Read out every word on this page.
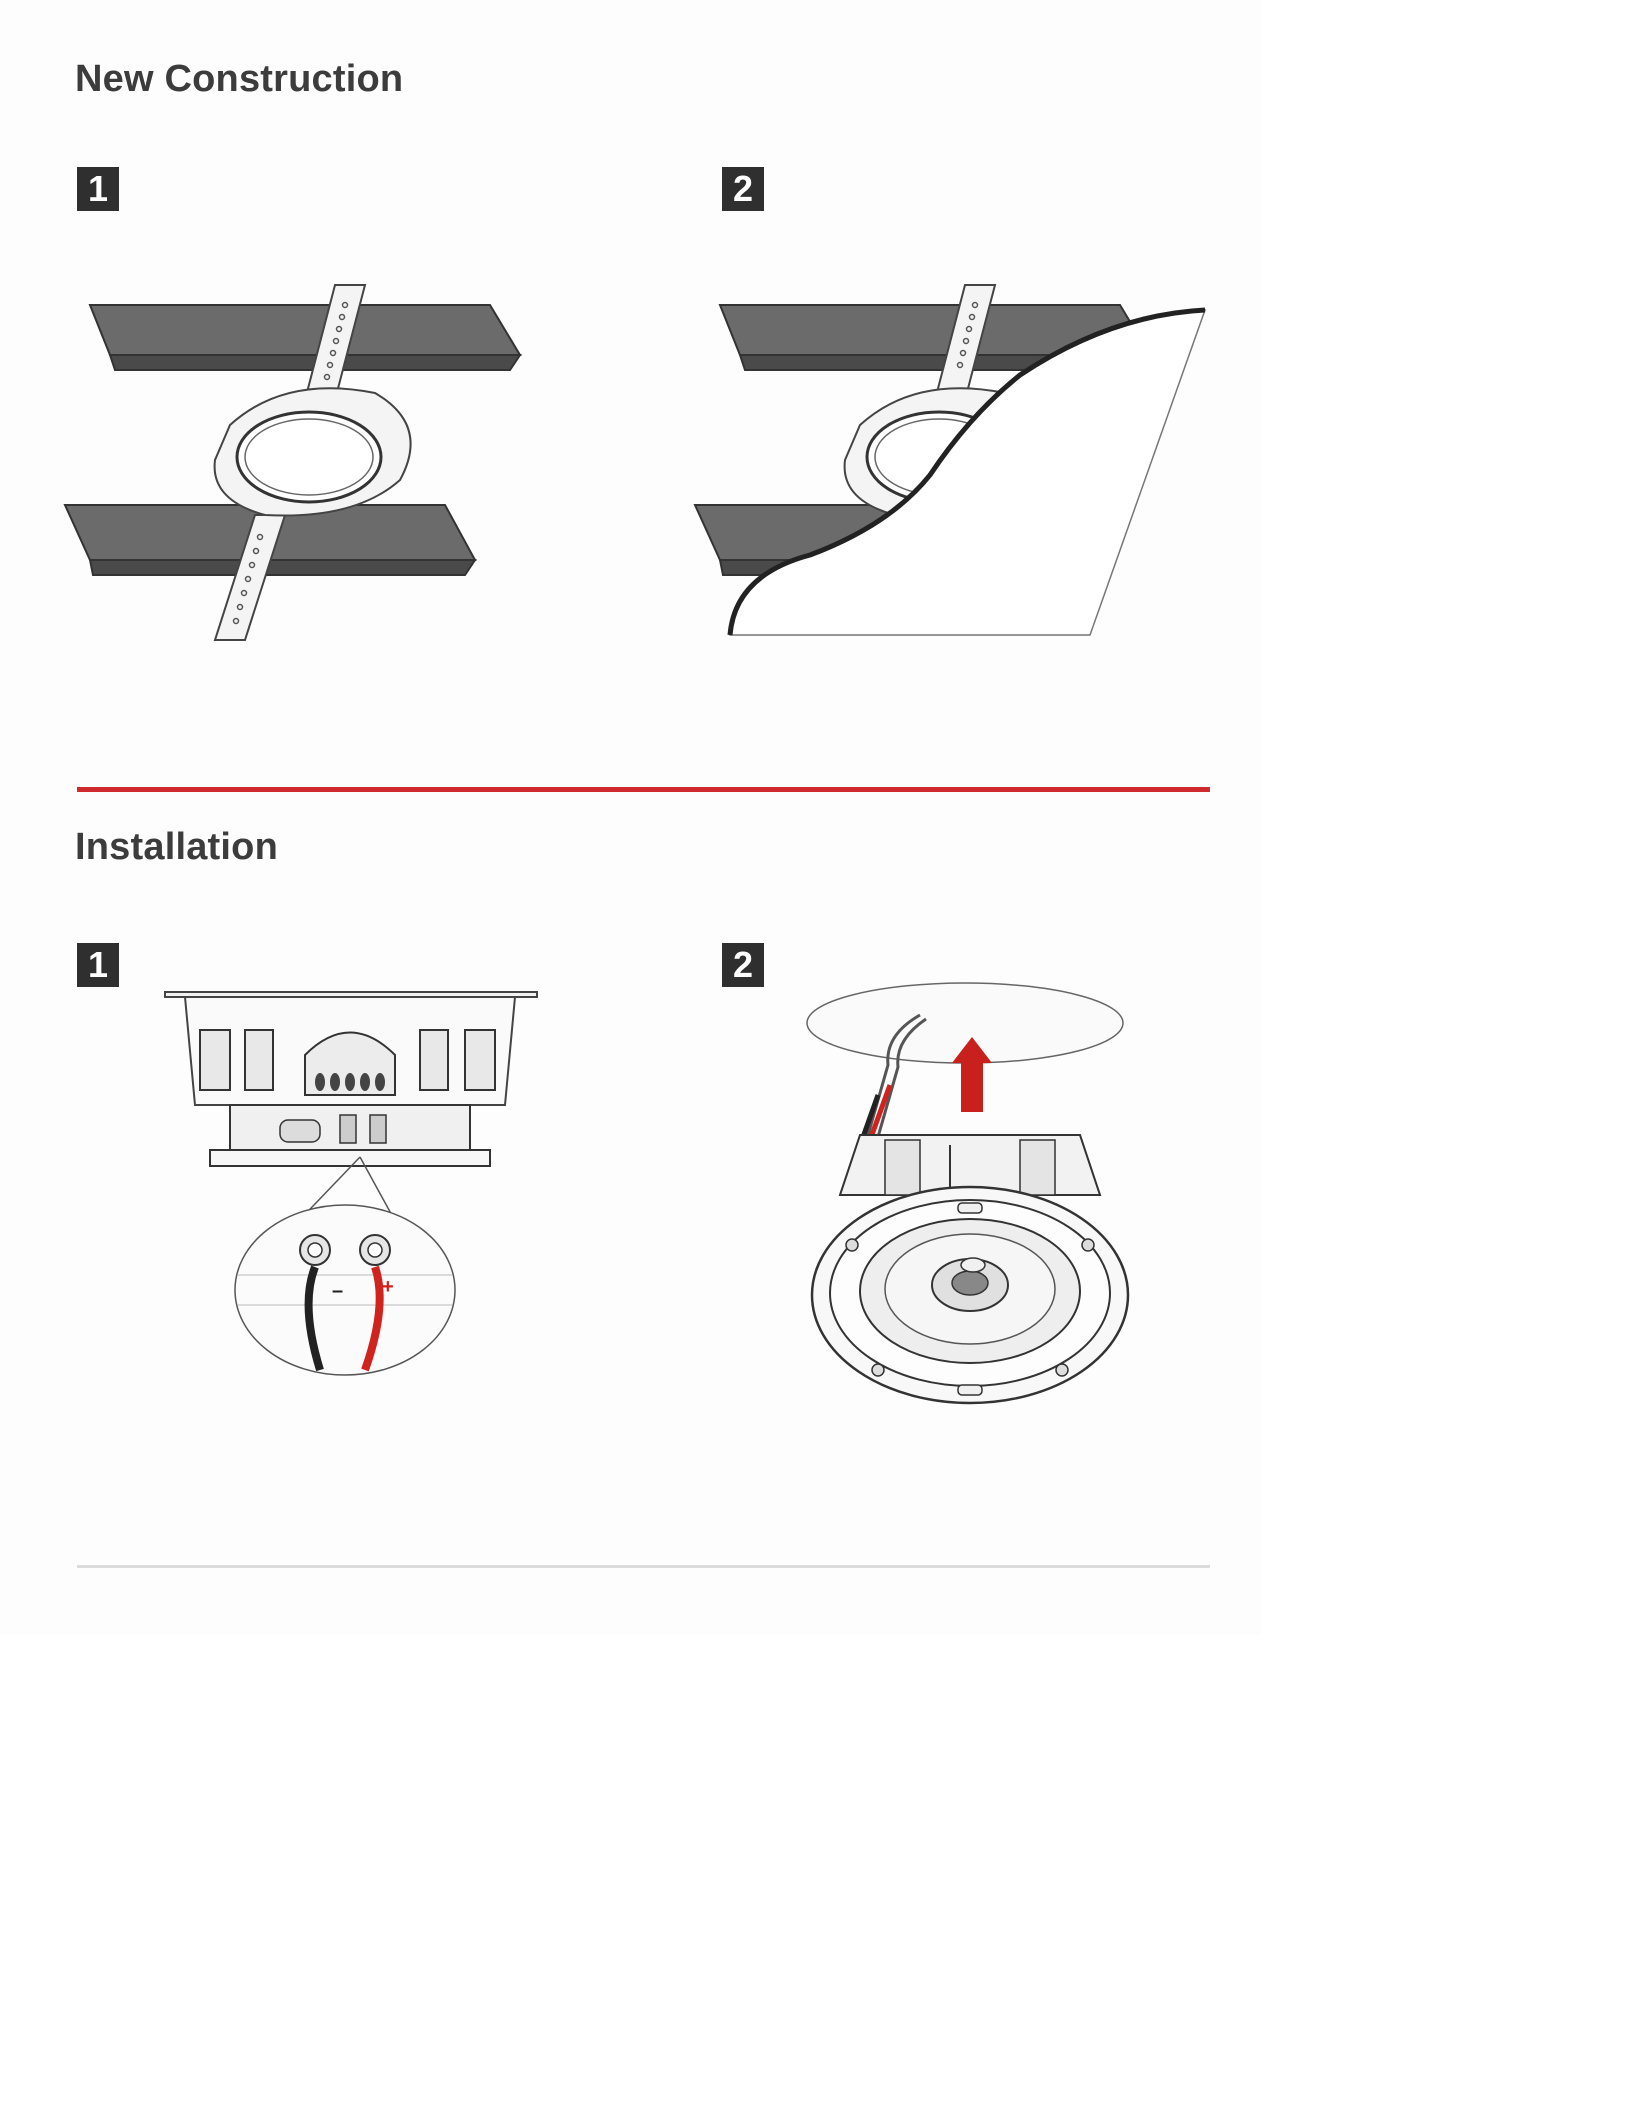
New Construction
1	2
Installation
1	2
– +
